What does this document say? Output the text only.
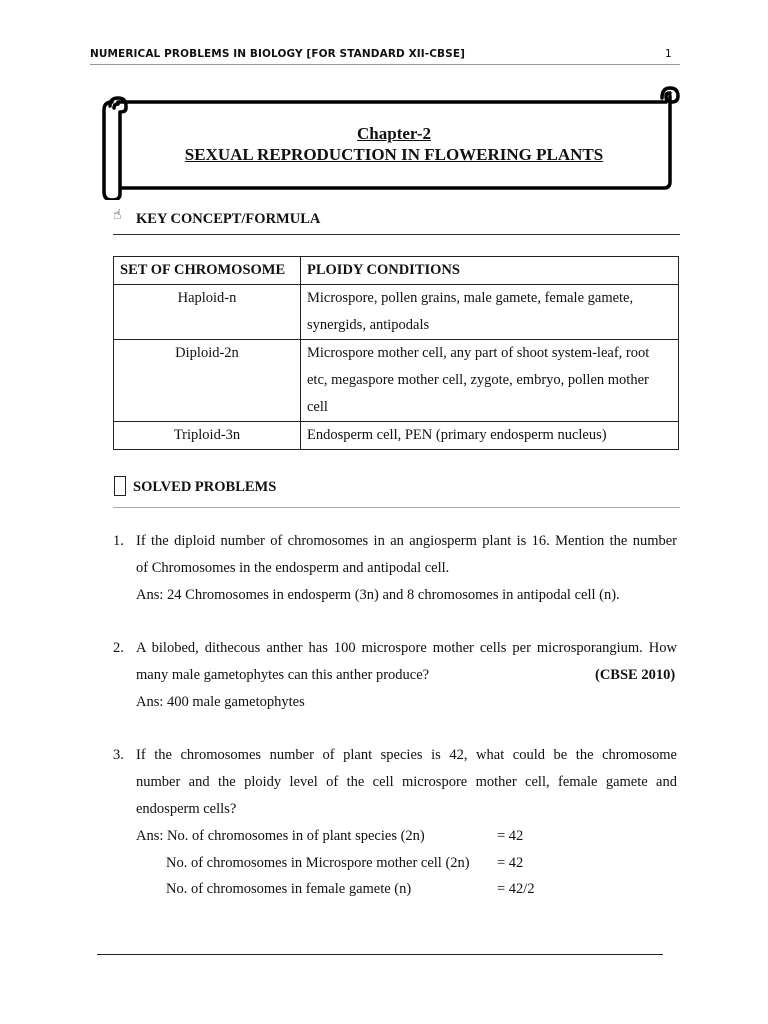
NUMERICAL PROBLEMS IN BIOLOGY [FOR STANDARD XII-CBSE]	1
Chapter-2
SEXUAL REPRODUCTION IN FLOWERING PLANTS
☝ KEY CONCEPT/FORMULA
SET OF CHROMOSOME	PLOIDY CONDITIONS
Haploid-n	Microspore, pollen grains, male gamete, female gamete,
synergids, antipodals

Diploid-2n	Microspore mother cell, any part of shoot system-leaf, root
etc, megaspore mother cell, zygote, embryo, pollen mother
cell

Triploid-3n	Endosperm cell, PEN (primary endosperm nucleus)
SOLVED PROBLEMS
1. If the diploid number of chromosomes in an angiosperm plant is 16. Mention the number
of Chromosomes in the endosperm and antipodal cell.
Ans: 24 Chromosomes in endosperm (3n) and 8 chromosomes in antipodal cell (n).
2. A bilobed, dithecous anther has 100 microspore mother cells per microsporangium. How
many male gametophytes can this anther produce?	(CBSE 2010)
Ans: 400 male gametophytes
3. If the chromosomes number of plant species is 42, what could be the chromosome
number and the ploidy level of the cell microspore mother cell, female gamete and
endosperm cells?
Ans: No. of chromosomes in of plant species (2n)	= 42
No. of chromosomes in Microspore mother cell (2n) = 42
No. of chromosomes in female gamete (n)	= 42/2
